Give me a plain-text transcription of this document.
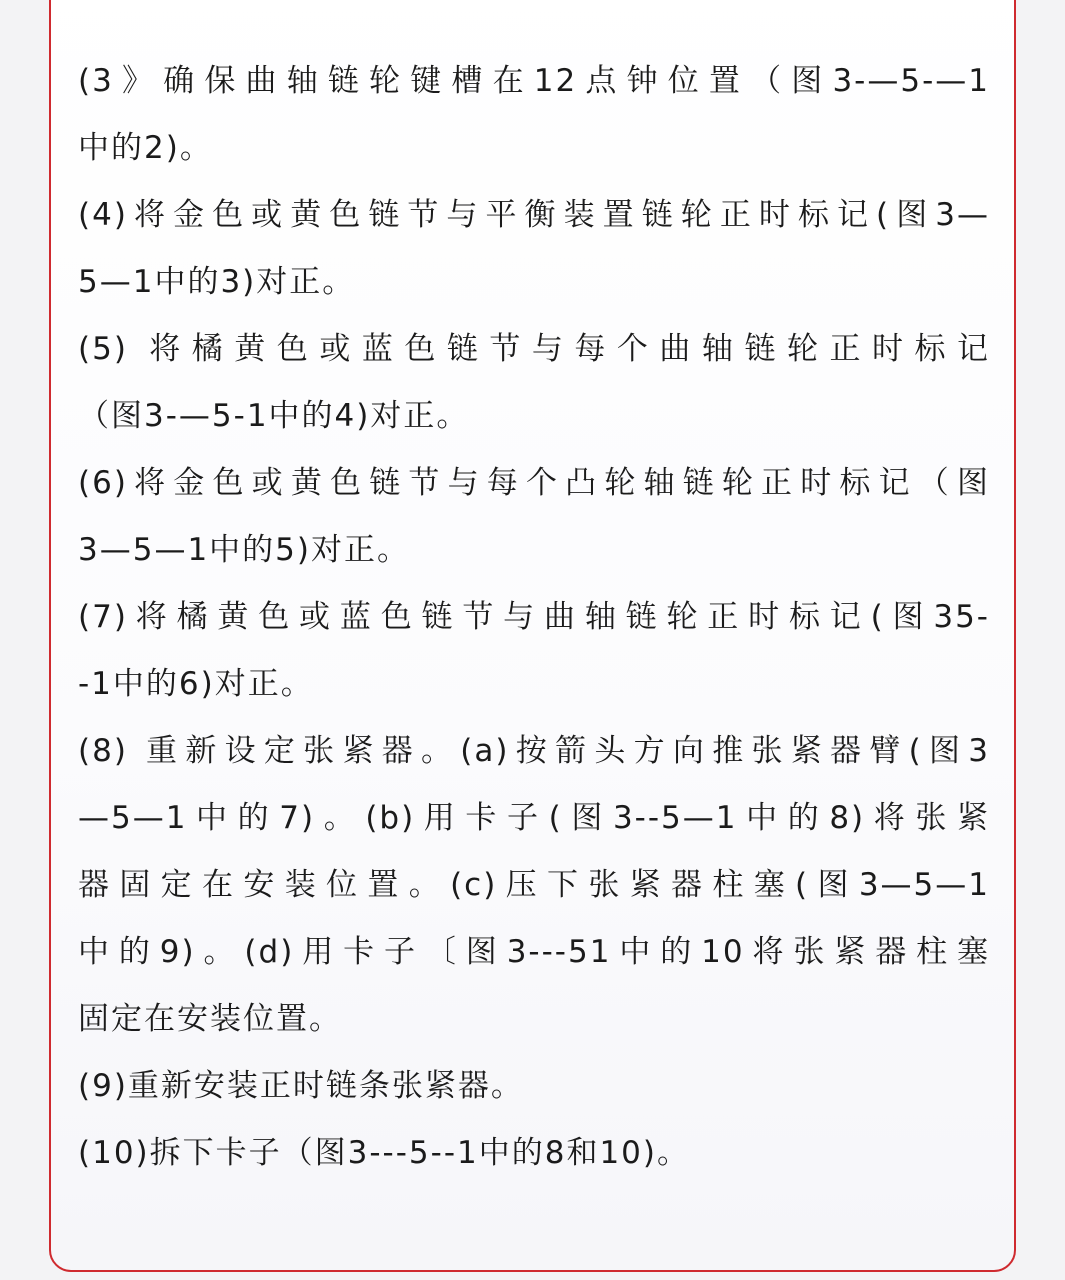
(3》确保曲轴链轮键槽在12点钟位置（图3-—5-—1
中的2)。
(4)将金色或黄色链节与平衡装置链轮正时标记(图3—
5—1中的3)对正。
(5) 将橘黄色或蓝色链节与每个曲轴链轮正时标记
（图3-—5-1中的4)对正。
(6)将金色或黄色链节与每个凸轮轴链轮正时标记（图
3—5—1中的5)对正。
(7)将橘黄色或蓝色链节与曲轴链轮正时标记(图35-
-1中的6)对正。
(8) 重新设定张紧器。(a)按箭头方向推张紧器臂(图3
—5—1中的7)。(b)用卡子(图3--5—1中的8)将张紧
器固定在安装位置。(c)压下张紧器柱塞(图3—5—1
中的9)。(d)用卡子〔图3---51中的10将张紧器柱塞
固定在安装位置。
(9)重新安装正时链条张紧器。
(10)拆下卡子（图3---5--1中的8和10)。
